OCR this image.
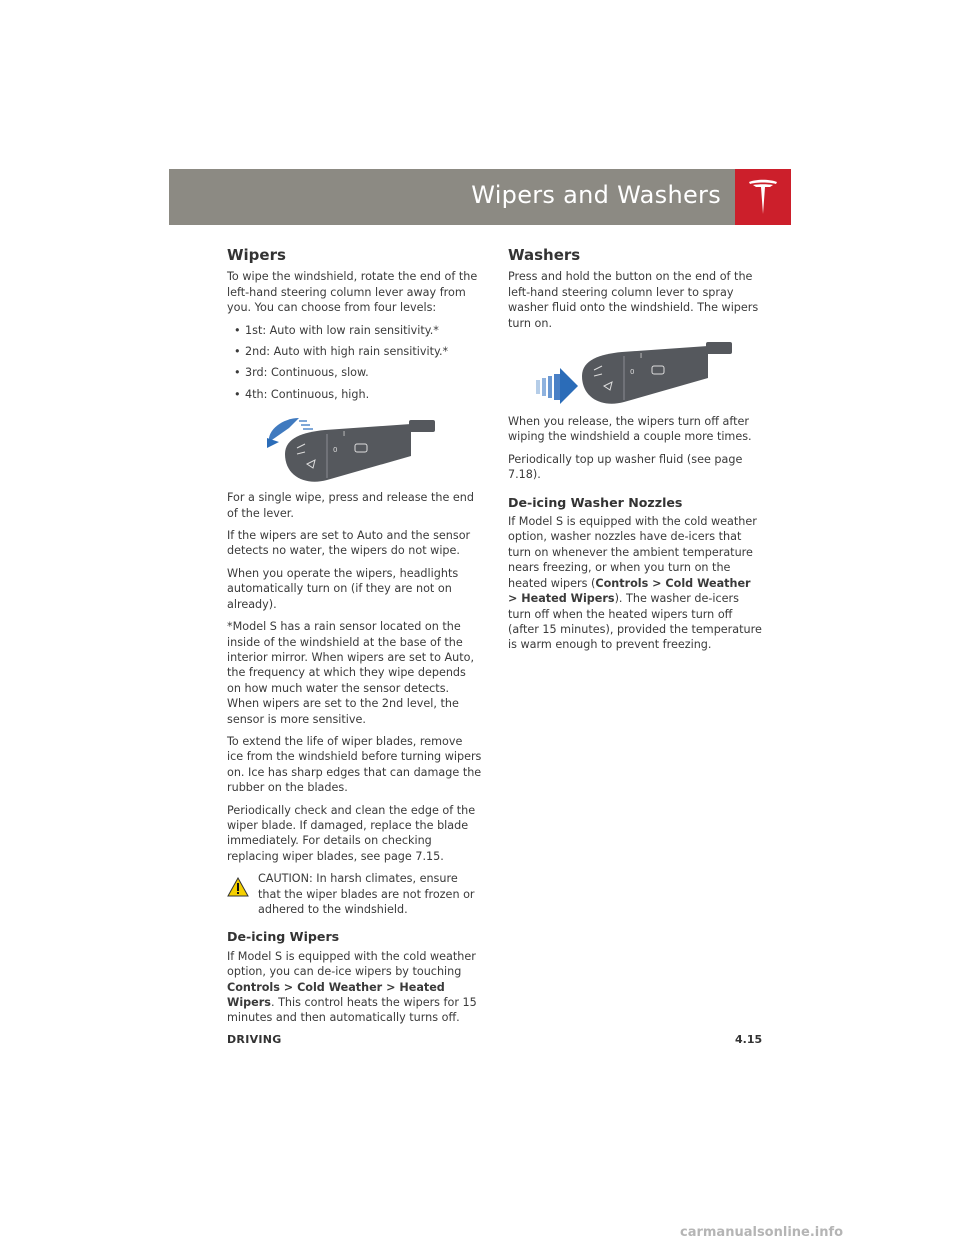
Wipers and Washers
Wipers

To wipe the windshield, rotate the end of the left-hand steering column lever away from you. You can choose from four levels:

• 1st: Auto with low rain sensitivity.*
• 2nd: Auto with high rain sensitivity.*
• 3rd: Continuous, slow.
• 4th: Continuous, high.
I
0

For a single wipe, press and release the end of the lever.

If the wipers are set to Auto and the sensor detects no water, the wipers do not wipe.

When you operate the wipers, headlights automatically turn on (if they are not on already).

*Model S has a rain sensor located on the inside of the windshield at the base of the interior mirror. When wipers are set to Auto, the frequency at which they wipe depends on how much water the sensor detects. When wipers are set to the 2nd level, the sensor is more sensitive.

To extend the life of wiper blades, remove ice from the windshield before turning wipers on. Ice has sharp edges that can damage the rubber on the blades.

Periodically check and clean the edge of the wiper blade. If damaged, replace the blade immediately. For details on checking replacing wiper blades, see page 7.15.

CAUTION: In harsh climates, ensure that the wiper blades are not frozen or adhered to the windshield.
De-icing Wipers

If Model S is equipped with the cold weather option, you can de-ice wipers by touching Controls > Cold Weather > Heated Wipers. This control heats the wipers for 15 minutes and then automatically turns off.

Washers

Press and hold the button on the end of the left-hand steering column lever to spray washer fluid onto the windshield. The wipers turn on.

I
0

When you release, the wipers turn off after wiping the windshield a couple more times.

Periodically top up washer fluid (see page 7.18).

De-icing Washer Nozzles

If Model S is equipped with the cold weather option, washer nozzles have de-icers that turn on whenever the ambient temperature nears freezing, or when you turn on the heated wipers (Controls > Cold Weather > Heated Wipers). The washer de-icers turn off when the heated wipers turn off (after 15 minutes), provided the temperature is warm enough to prevent freezing.

DRIVING	4.15
carmanualsonline.info
